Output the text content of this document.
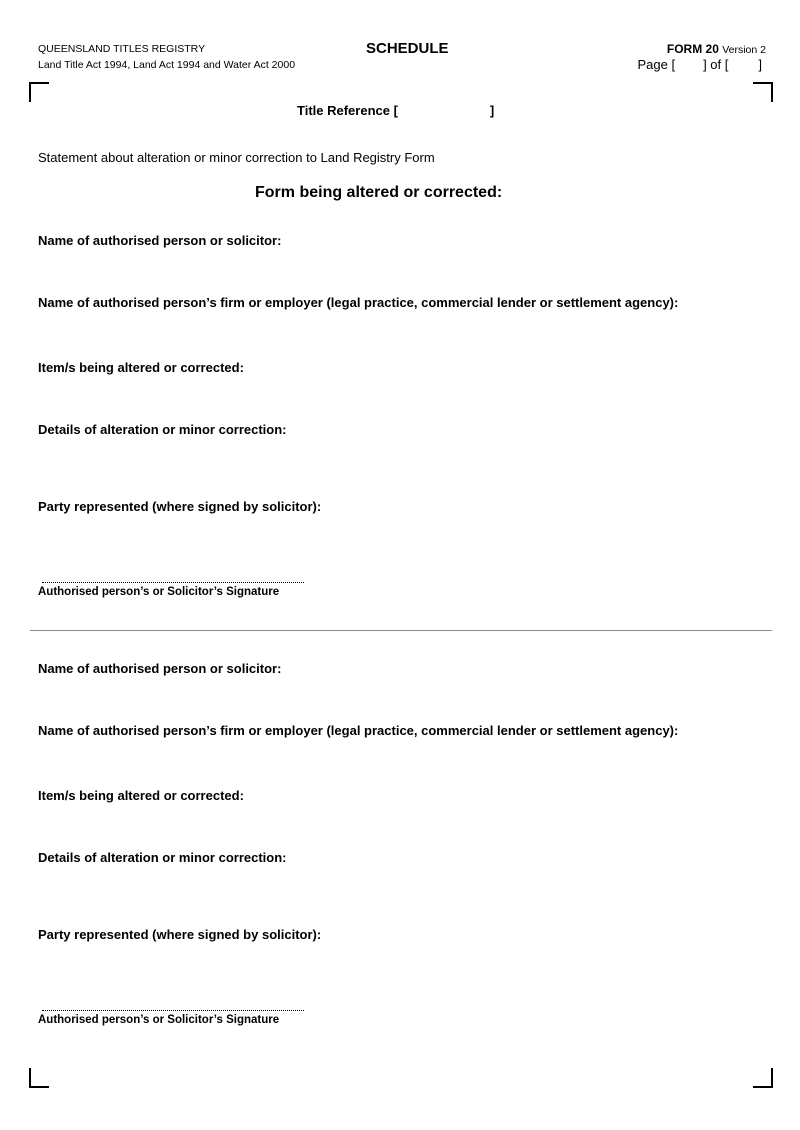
QUEENSLAND TITLES REGISTRY
Land Title Act 1994, Land Act 1994 and Water Act 2000
SCHEDULE	FORM 20 Version 2
Page [ ] of [ ]
Title Reference [	]
Statement about alteration or minor correction to Land Registry Form
Form being altered or corrected:
Name of authorised person or solicitor:
Name of authorised person’s firm or employer (legal practice, commercial lender or settlement agency):
Item/s being altered or corrected:
Details of alteration or minor correction:
Party represented (where signed by solicitor):
Authorised person’s or Solicitor’s Signature
Name of authorised person or solicitor:
Name of authorised person’s firm or employer (legal practice, commercial lender or settlement agency):
Item/s being altered or corrected:
Details of alteration or minor correction:
Party represented (where signed by solicitor):
Authorised person’s or Solicitor’s Signature
